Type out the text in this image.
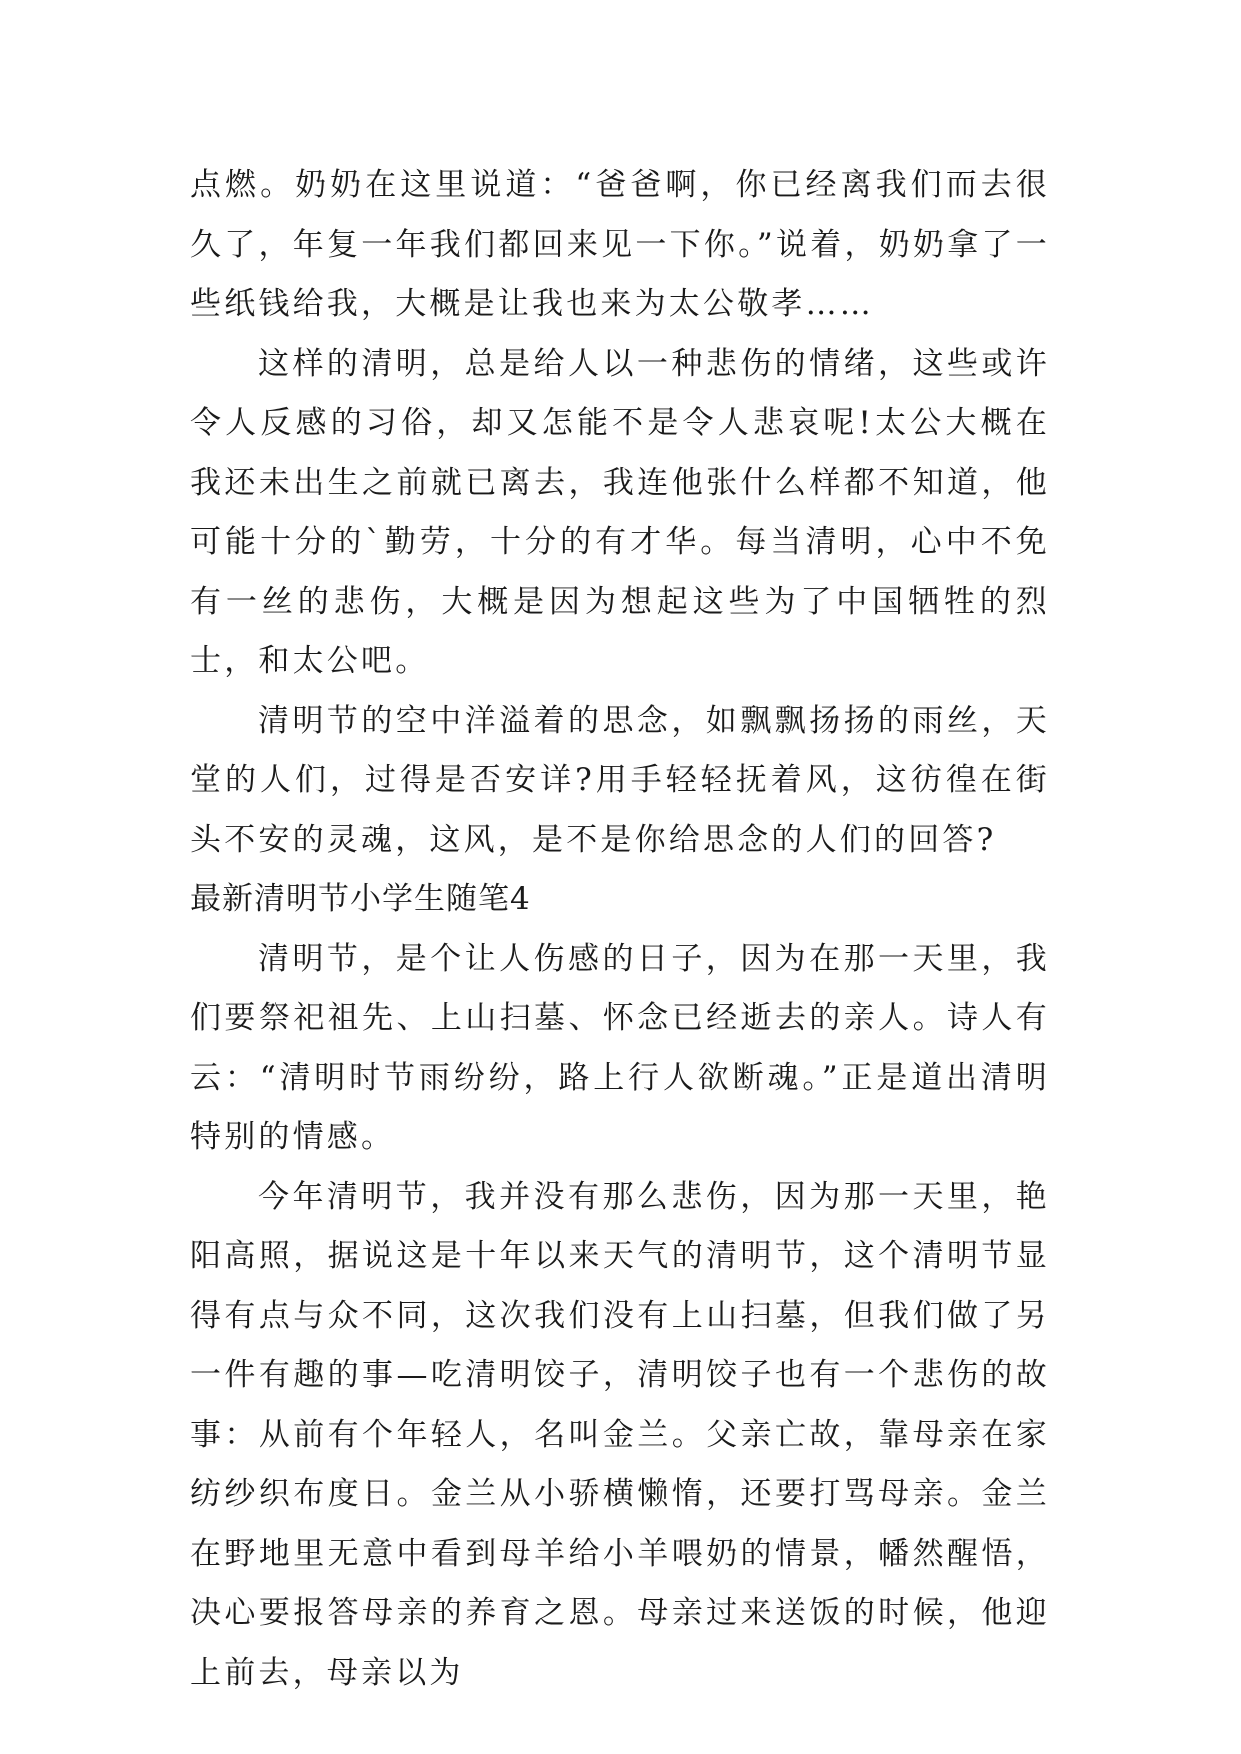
点燃。奶奶在这里说道：“爸爸啊，你已经离我们而去很久了，年复一年我们都回来见一下你。”说着，奶奶拿了一些纸钱给我，大概是让我也来为太公敬孝……

这样的清明，总是给人以一种悲伤的情绪，这些或许令人反感的习俗，却又怎能不是令人悲哀呢!太公大概在我还未出生之前就已离去，我连他张什么样都不知道，他可能十分的`勤劳，十分的有才华。每当清明，心中不免有一丝的悲伤，大概是因为想起这些为了中国牺牲的烈士，和太公吧。

清明节的空中洋溢着的思念，如飘飘扬扬的雨丝，天堂的人们，过得是否安详?用手轻轻抚着风，这彷徨在街头不安的灵魂，这风，是不是你给思念的人们的回答?

最新清明节小学生随笔4

清明节，是个让人伤感的日子，因为在那一天里，我们要祭祀祖先、上山扫墓、怀念已经逝去的亲人。诗人有云：“清明时节雨纷纷，路上行人欲断魂。”正是道出清明特别的情感。

今年清明节，我并没有那么悲伤，因为那一天里，艳阳高照，据说这是十年以来天气的清明节，这个清明节显得有点与众不同，这次我们没有上山扫墓，但我们做了另一件有趣的事—吃清明饺子，清明饺子也有一个悲伤的故事：从前有个年轻人，名叫金兰。父亲亡故，靠母亲在家纺纱织布度日。金兰从小骄横懒惰，还要打骂母亲。金兰在野地里无意中看到母羊给小羊喂奶的情景，幡然醒悟，决心要报答母亲的养育之恩。母亲过来送饭的时候，他迎上前去，母亲以为
